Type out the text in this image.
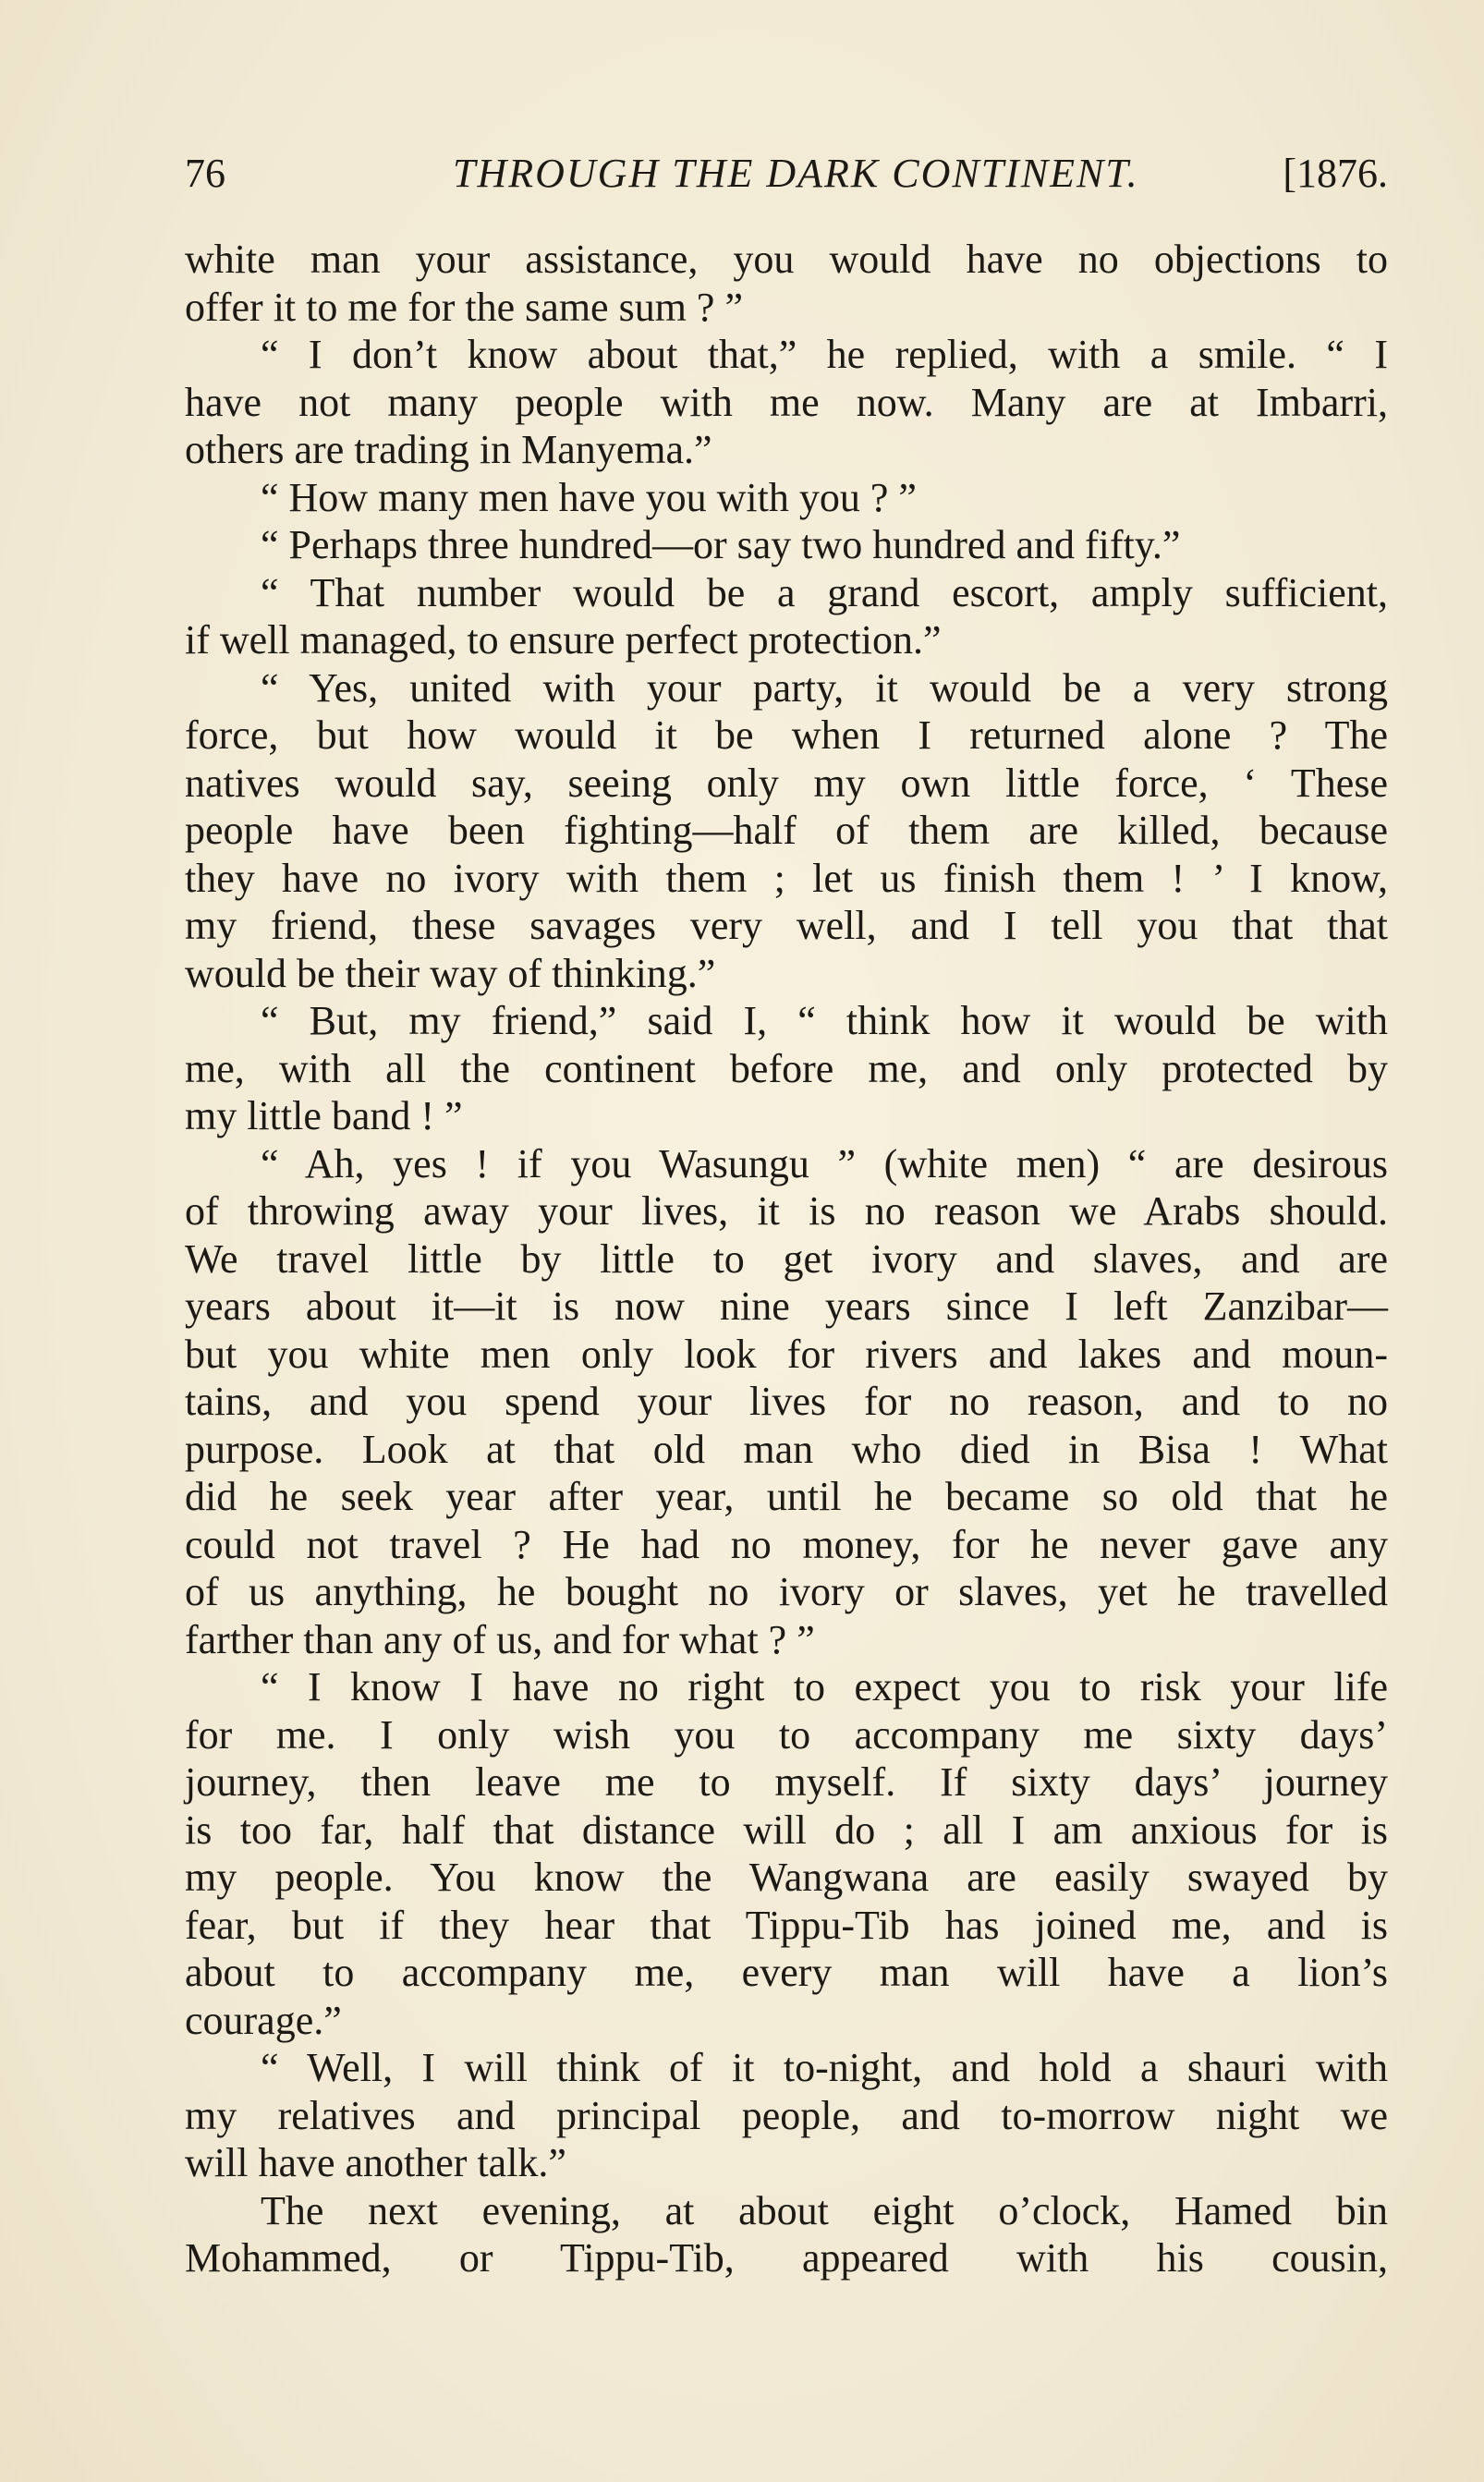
76	THROUGH THE DARK CONTINENT.	[1876.
white man your assistance, you would have no objections to
offer it to me for the same sum ? ”
“ I don’t know about that,” he replied, with a smile. “ I
have not many people with me now. Many are at Imbarri,
others are trading in Manyema.”
“ How many men have you with you ? ”
“ Perhaps three hundred—or say two hundred and fifty.”
“ That number would be a grand escort, amply sufficient,
if well managed, to ensure perfect protection.”
“ Yes, united with your party, it would be a very strong
force, but how would it be when I returned alone ? The
natives would say, seeing only my own little force, ‘ These
people have been fighting—half of them are killed, because
they have no ivory with them ; let us finish them ! ’ I know,
my friend, these savages very well, and I tell you that that
would be their way of thinking.”
“ But, my friend,” said I, “ think how it would be with
me, with all the continent before me, and only protected by
my little band ! ”
“ Ah, yes ! if you Wasungu ” (white men) “ are desirous
of throwing away your lives, it is no reason we Arabs should.
We travel little by little to get ivory and slaves, and are
years about it—it is now nine years since I left Zanzibar—
but you white men only look for rivers and lakes and moun-
tains, and you spend your lives for no reason, and to no
purpose. Look at that old man who died in Bisa ! What
did he seek year after year, until he became so old that he
could not travel ? He had no money, for he never gave any
of us anything, he bought no ivory or slaves, yet he travelled
farther than any of us, and for what ? ”
“ I know I have no right to expect you to risk your life
for me. I only wish you to accompany me sixty days’
journey, then leave me to myself. If sixty days’ journey
is too far, half that distance will do ; all I am anxious for is
my people. You know the Wangwana are easily swayed by
fear, but if they hear that Tippu-Tib has joined me, and is
about to accompany me, every man will have a lion’s
courage.”
“ Well, I will think of it to-night, and hold a shauri with
my relatives and principal people, and to-morrow night we
will have another talk.”
The next evening, at about eight o’clock, Hamed bin
Mohammed, or Tippu-Tib, appeared with his cousin,
